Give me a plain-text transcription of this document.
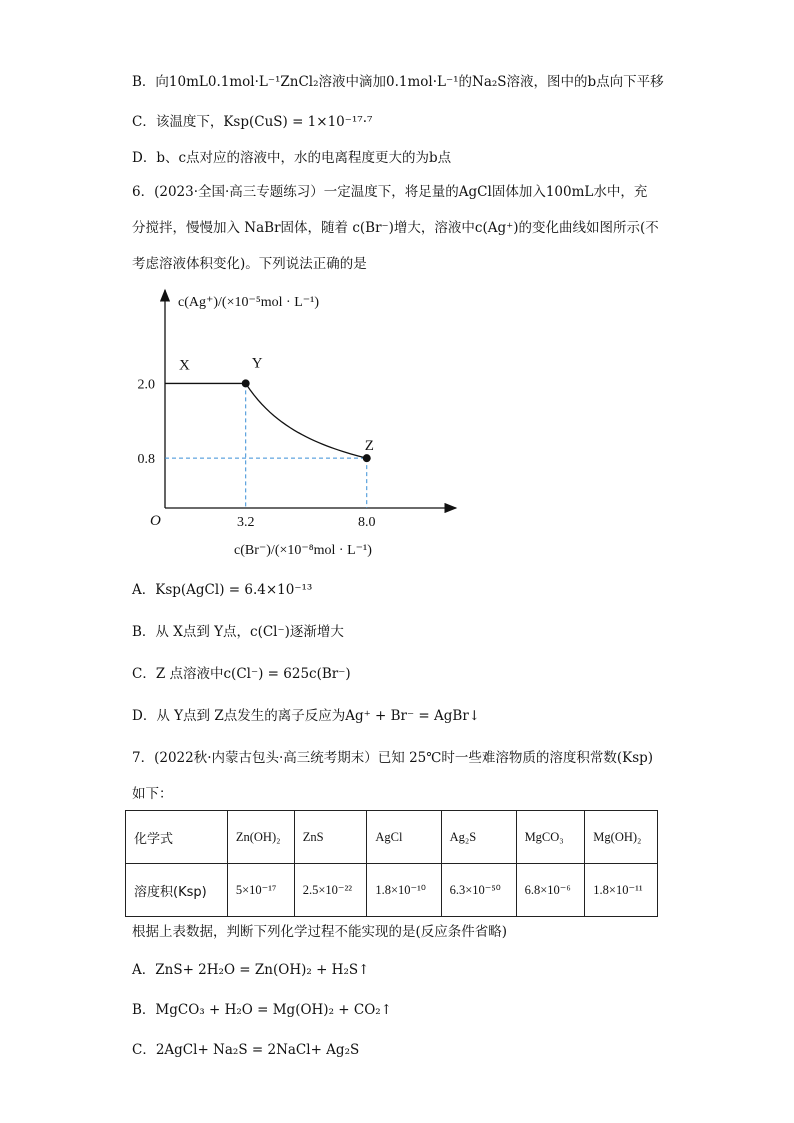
B．向10mL0.1mol·L⁻¹ZnCl₂溶液中滴加0.1mol·L⁻¹的Na₂S溶液，图中的b点向下平移
C．该温度下，Ksp(CuS) = 1×10⁻¹⁷·⁷
D．b、c点对应的溶液中，水的电离程度更大的为b点
6．(2023·全国·高三专题练习）一定温度下，将足量的AgCl固体加入100mL水中，充
分搅拌，慢慢加入 NaBr固体，随着 c(Br⁻)增大，溶液中c(Ag⁺)的变化曲线如图所示(不
考虑溶液体积变化)。下列说法正确的是
X	Y
Z
2.0
0.8
3.2	8.0
c(Ag⁺)/(×10⁻⁵mol · L⁻¹)
c(Br⁻)/(×10⁻⁸mol · L⁻¹)
O
A．Ksp(AgCl) = 6.4×10⁻¹³
B．从 X点到 Y点，c(Cl⁻)逐渐增大
C．Z 点溶液中c(Cl⁻) = 625c(Br⁻)
D．从 Y点到 Z点发生的离子反应为Ag⁺ + Br⁻ = AgBr↓
7．(2022秋·内蒙古包头·高三统考期末）已知 25℃时一些难溶物质的溶度积常数(Ksp)
如下：
化学式	Zn(OH)₂	ZnS	AgCl	Ag₂S	MgCO₃	Mg(OH)₂
溶度积(Ksp)	5×10⁻¹⁷	2.5×10⁻²²	1.8×10⁻¹⁰	6.3×10⁻⁵⁰	6.8×10⁻⁶	1.8×10⁻¹¹
根据上表数据，判断下列化学过程不能实现的是(反应条件省略)
A．ZnS+ 2H₂O = Zn(OH)₂ + H₂S↑
B．MgCO₃ + H₂O = Mg(OH)₂ + CO₂↑
C．2AgCl+ Na₂S = 2NaCl+ Ag₂S
